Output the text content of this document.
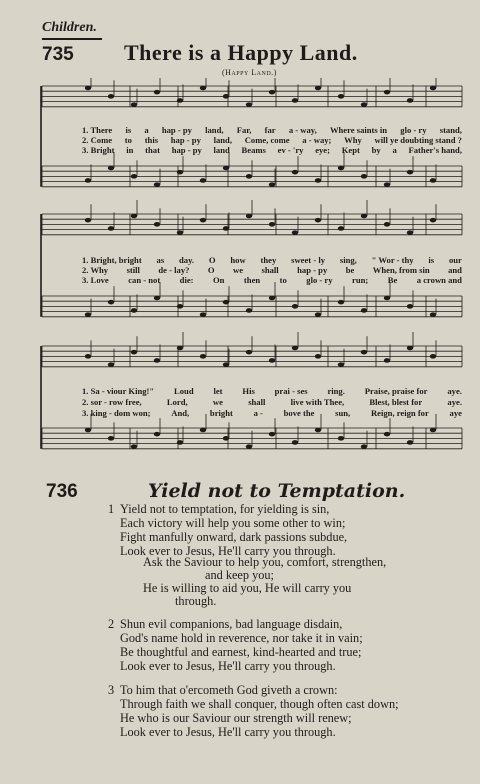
Children.
735 There is a Happy Land.
(Happy Land.)
1. There is a hap - py land, Far, far a - way, Where saints in glo - ry stand,
2. Come to this hap - py land, Come, come a - way; Why will ye doubting stand ?
3. Bright in that hap - py land Beams ev - 'ry eye; Kept by a Father's hand,
1. Bright, bright as day. O how they sweet - ly sing, " Wor - thy is our
2. Why still de - lay? O we shall hap - py be When, from sin and
3. Love can - not die: On then to glo - ry run; Be a crown and
1. Sa - viour King!" Loud let His prai - ses ring. Praise, praise for aye.
2. sor - row free,	Lord,	we	shall	live with Thee,	Blest, blest for	aye.
3. king - dom won; And, bright a - bove the sun, Reign, reign for aye
736	Yield not to Temptation.
1 Yield not to temptation, for yielding is sin,
Each victory will help you some other to win;
Fight manfully onward, dark passions subdue,
Look ever to Jesus, He'll carry you through.
Ask the Saviour to help you, comfort, strengthen,
and keep you;
He is willing to aid you, He will carry you
through.
2 Shun evil companions, bad language disdain,
God's name hold in reverence, nor take it in vain;
Be thoughtful and earnest, kind-hearted and true;
Look ever to Jesus, He'll carry you through.
3 To him that o'ercometh God giveth a crown:
Through faith we shall conquer, though often cast down;
He who is our Saviour our strength will renew;
Look ever to Jesus, He'll carry you through.
